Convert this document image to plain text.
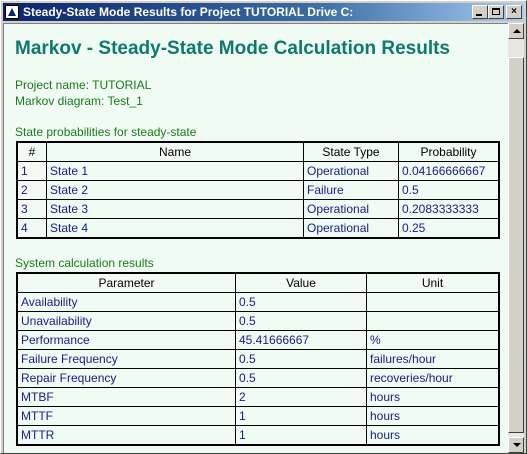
Steady-State Mode Results for Project TUTORIAL Drive C:	×
Markov - Steady-State Mode Calculation Results
Project name: TUTORIAL
Markov diagram: Test_1
State probabilities for steady-state
#	Name	State Type	Probability
1	State 1	Operational	0.04166666667
2	State 2	Failure	0.5
3	State 3	Operational	0.2083333333
4	State 4	Operational	0.25
System calculation results
Parameter	Value	Unit
Availability	0.5	
Unavailability	0.5	
Performance	45.41666667	%
Failure Frequency	0.5	failures/hour
Repair Frequency	0.5	recoveries/hour
MTBF	2	hours
MTTF	1	hours
MTTR	1	hours
